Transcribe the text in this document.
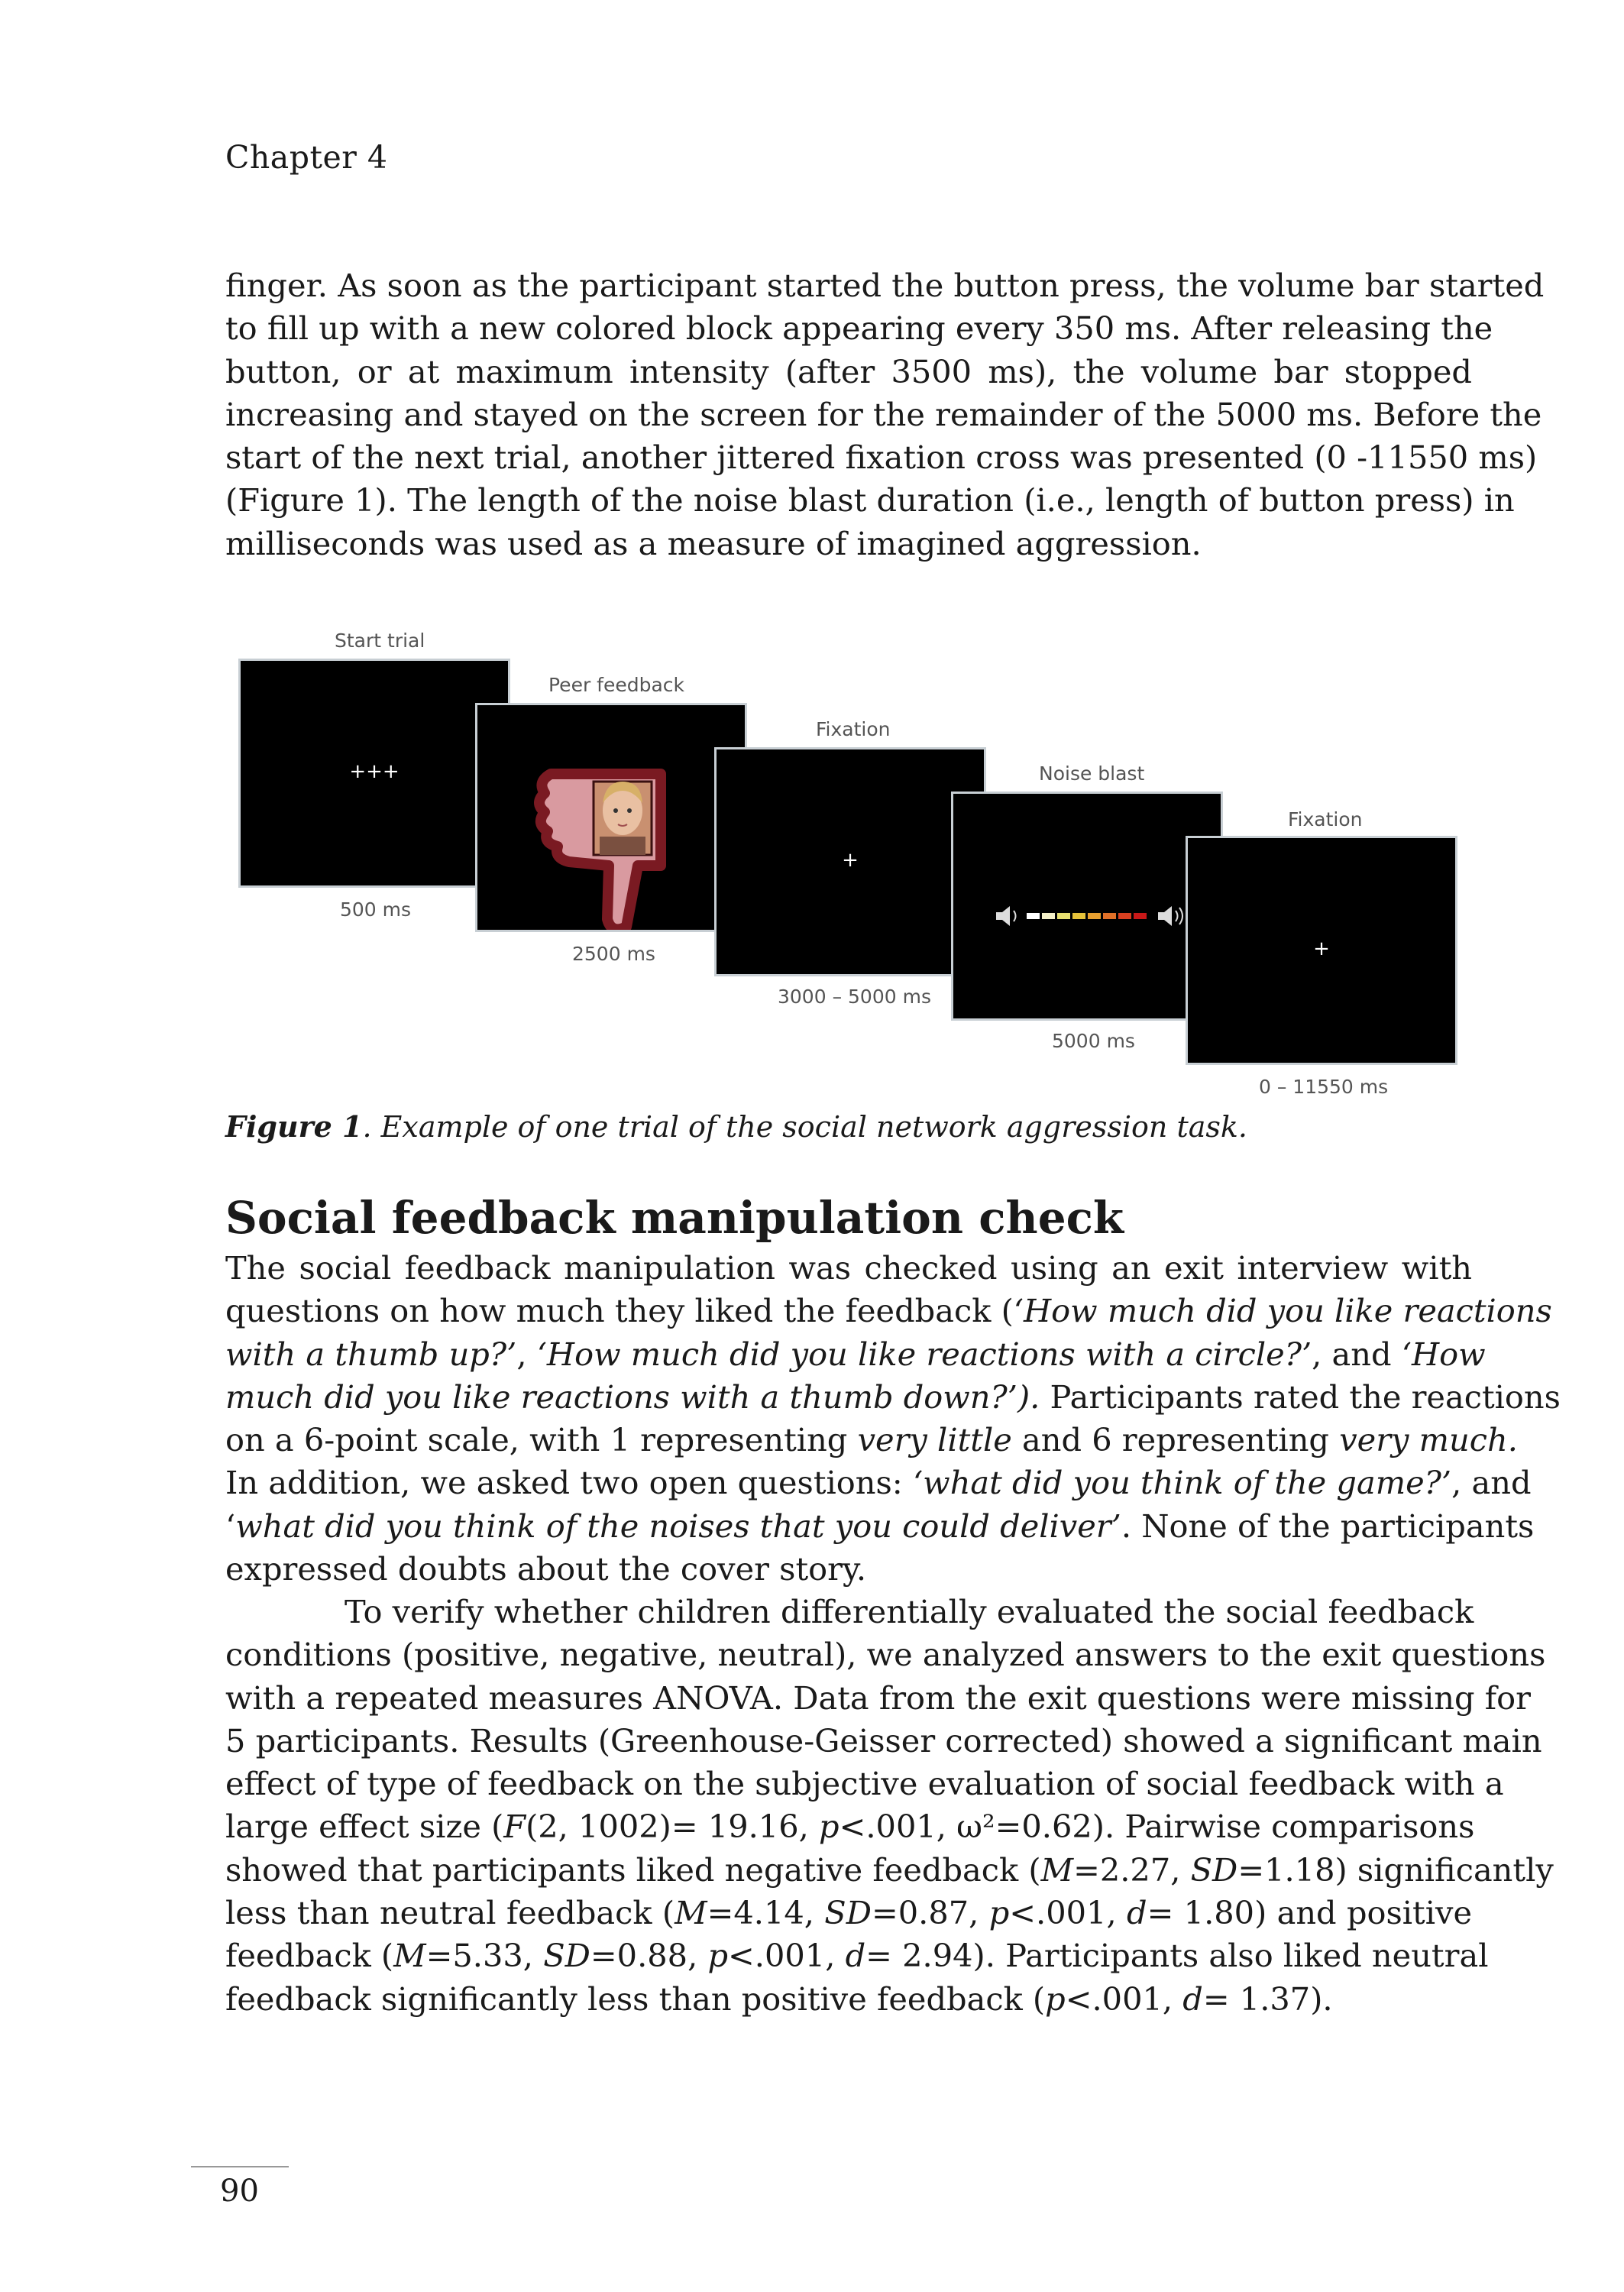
Chapter 4
finger. As soon as the participant started the button press, the volume bar started
to fill up with a new colored block appearing every 350 ms. After releasing the
button, or at maximum intensity (after 3500 ms), the volume bar stopped
increasing and stayed on the screen for the remainder of the 5000 ms. Before the
start of the next trial, another jittered fixation cross was presented (0 -11550 ms)
(Figure 1). The length of the noise blast duration (i.e., length of button press) in
milliseconds was used as a measure of imagined aggression.
Start trial
+++
500 ms
Peer feedback
2500 ms
Fixation
+
3000 – 5000 ms
Noise blast
5000 ms
Fixation
+
0 – 11550 ms
Figure 1. Example of one trial of the social network aggression task.
Social feedback manipulation check
The social feedback manipulation was checked using an exit interview with
questions on how much they liked the feedback (‘How much did you like reactions
with a thumb up?’, ‘How much did you like reactions with a circle?’, and ‘How
much did you like reactions with a thumb down?’). Participants rated the reactions
on a 6-point scale, with 1 representing very little and 6 representing very much.
In addition, we asked two open questions: ‘what did you think of the game?’, and
‘what did you think of the noises that you could deliver’. None of the participants
expressed doubts about the cover story.
To verify whether children differentially evaluated the social feedback
conditions (positive, negative, neutral), we analyzed answers to the exit questions
with a repeated measures ANOVA. Data from the exit questions were missing for
5 participants. Results (Greenhouse-Geisser corrected) showed a significant main
effect of type of feedback on the subjective evaluation of social feedback with a
large effect size (F(2, 1002)= 19.16, p<.001, ω²=0.62). Pairwise comparisons
showed that participants liked negative feedback (M=2.27, SD=1.18) significantly
less than neutral feedback (M=4.14, SD=0.87, p<.001, d= 1.80) and positive
feedback (M=5.33, SD=0.88, p<.001, d= 2.94). Participants also liked neutral
feedback significantly less than positive feedback (p<.001, d= 1.37).
90
